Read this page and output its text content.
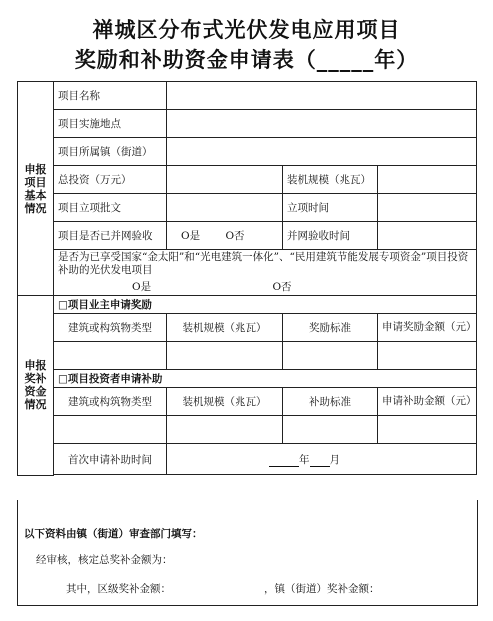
禅城区分布式光伏发电应用项目
奖励和补助资金申请表（_____年）
申报项目基本情况	项目名称			
	项目实施地点			
	项目所属镇（街道）			
	总投资（万元）		装机规模（兆瓦）	
	项目立项批文		立项时间	
	项目是否已并网验收	O是 O否	并网验收时间	
	是否为已享受国家“金太阳”和“光电建筑一体化”、“民用建筑节能发展专项资金”项目投资补助的光伏发电项目			
	O是 O否			
申报奖补资金情况	□项目业主申请奖励			
	建筑或构筑物类型	装机规模（兆瓦）	奖励标准	申请奖励金额（元）

	□项目投资者申请补助			
	建筑或构筑物类型	装机规模（兆瓦）	补助标准	申请补助金额（元）

	首次申请补助时间	年 月		

以下资料由镇（街道）审查部门填写：
经审核，核定总奖补金额为：
其中，区级奖补金额：	，镇（街道）奖补金额：
